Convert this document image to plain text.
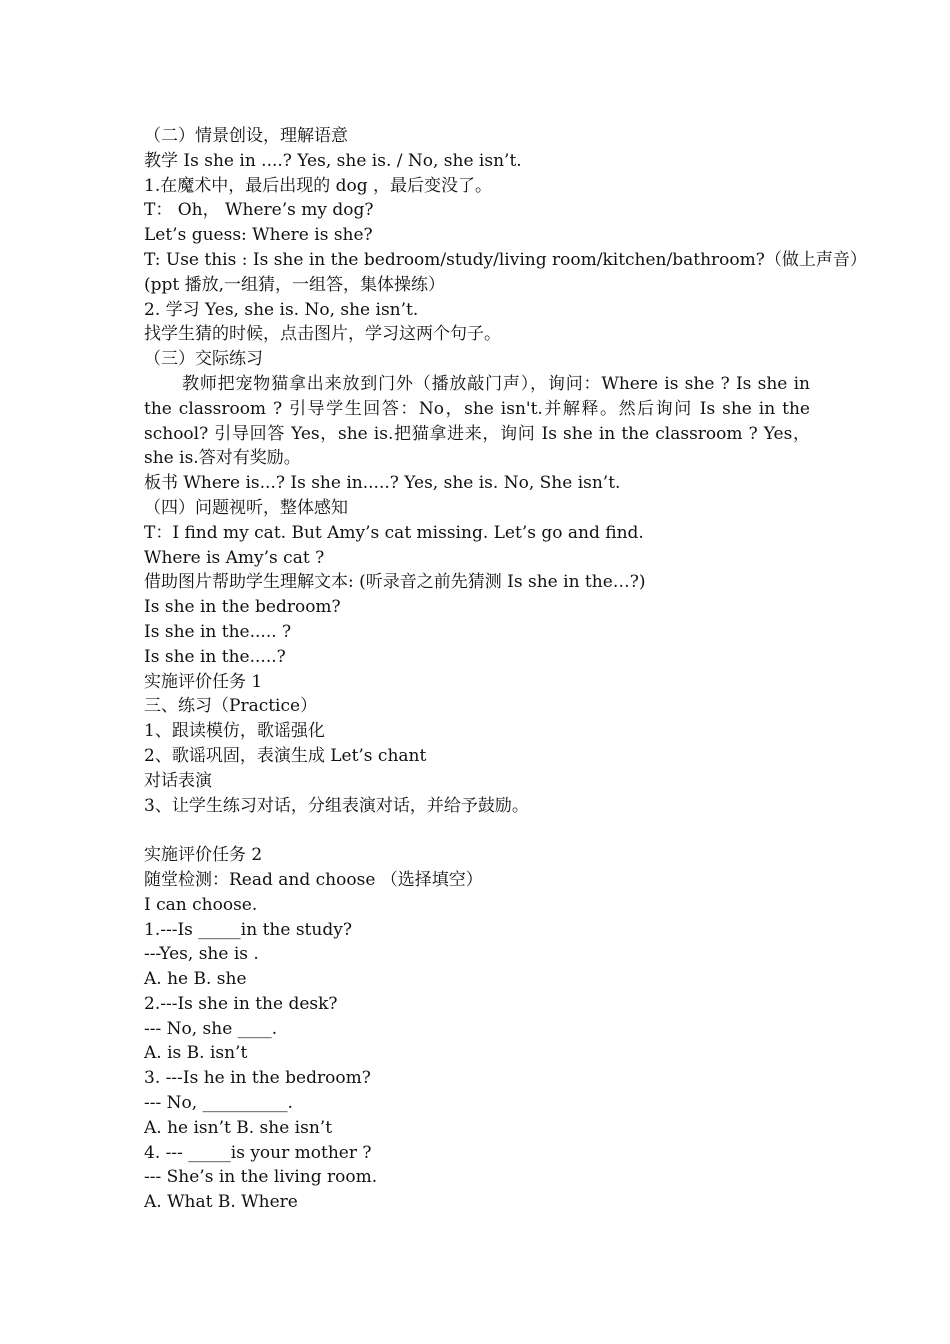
（二）情景创设，理解语意
教学 Is she in ....? Yes, she is. / No, she isn’t.
1.在魔术中，最后出现的 dog ，最后变没了。
T： Oh， Where’s my dog?
Let’s guess: Where is she?
T: Use this : Is she in the bedroom/study/living room/kitchen/bathroom?（做上声音）
(ppt 播放,一组猜，一组答，集体操练）
2. 学习 Yes, she is. No, she isn’t.
找学生猜的时候，点击图片，学习这两个句子。
（三）交际练习
教师把宠物猫拿出来放到门外（播放敲门声），询问：Where is she ? Is she in the classroom ? 引导学生回答：No，she isn't.并解释。然后询问 Is she in the school? 引导回答 Yes，she is.把猫拿进来，询问 Is she in the classroom ? Yes，she is.答对有奖励。
板书 Where is...? Is she in.....? Yes, she is. No, She isn’t.
（四）问题视听，整体感知
T：I find my cat. But Amy’s cat missing. Let’s go and find.
Where is Amy’s cat ?
借助图片帮助学生理解文本: (听录音之前先猜测 Is she in the…?)
Is she in the bedroom?
Is she in the..... ?
Is she in the.....?
实施评价任务 1
三、练习（Practice）
1、跟读模仿，歌谣强化
2、歌谣巩固，表演生成 Let’s chant
对话表演
3、让学生练习对话，分组表演对话，并给予鼓励。
实施评价任务 2
随堂检测：Read and choose （选择填空）
I can choose.
1.---Is _____in the study?
---Yes, she is .
A. he B. she
2.---Is she in the desk?
--- No, she ____.
A. is B. isn’t
3. ---Is he in the bedroom?
--- No, __________.
A. he isn’t B. she isn’t
4. --- _____is your mother ?
--- She’s in the living room.
A. What B. Where
